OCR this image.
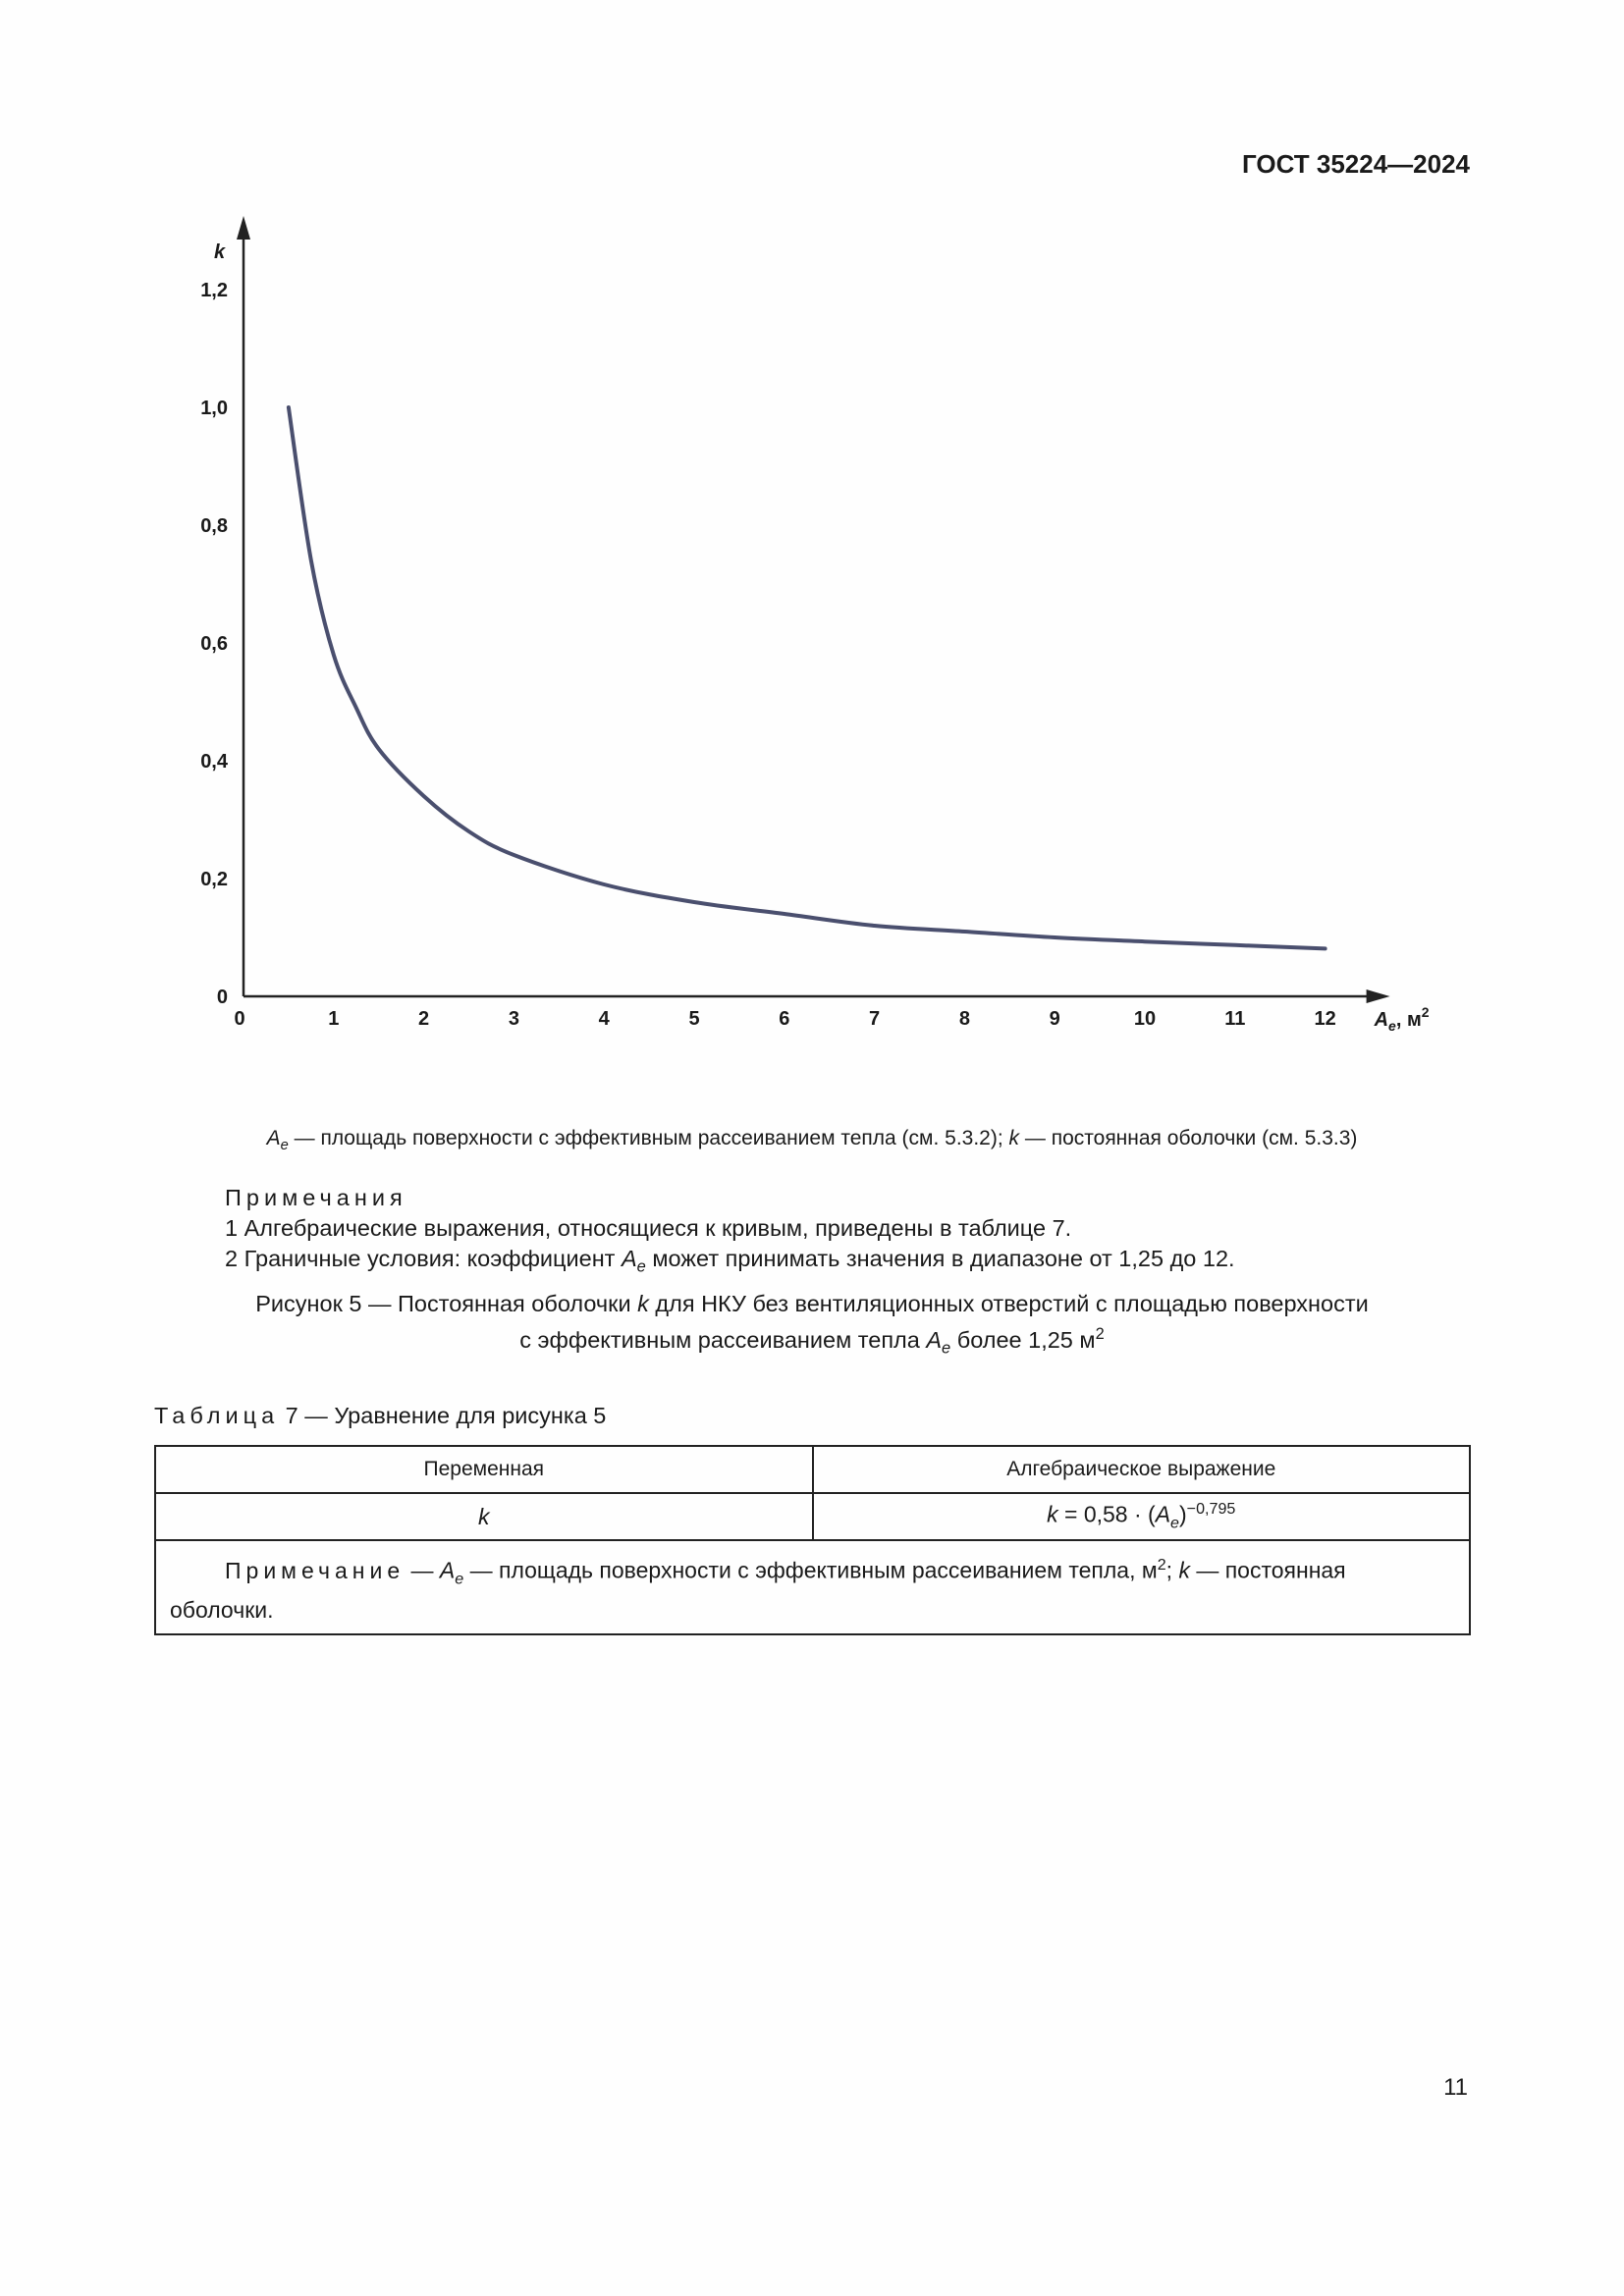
ГОСТ 35224—2024
k
$A_e$, $м^2$
0	1	2	3	4	5	6	7	8	9	10	11	12
0
0,2
0,4
0,6
0,8
1,0
1,2
$A_e$ — площадь поверхности с эффективным рассеиванием тепла (см. 5.3.2); k — постоянная оболочки (см. 5.3.3)
Примечания
1 Алгебраические выражения, относящиеся к кривым, приведены в таблице 7.
2 Граничные условия: коэффициент $A_e$ может принимать значения в диапазоне от 1,25 до 12.
Рисунок 5 — Постоянная оболочки k для НКУ без вентиляционных отверстий с площадью поверхности
с эффективным рассеиванием тепла $A_e$ более 1,25 $м^2$
Таблица 7 — Уравнение для рисунка 5
Переменная	Алгебраическое выражение
k	$k = 0,58 \cdot (A_e)^{-0,795}$
Примечание — $A_e$ — площадь поверхности с эффективным рассеиванием тепла, $м^2$; k — постоянная оболочки.	
11
